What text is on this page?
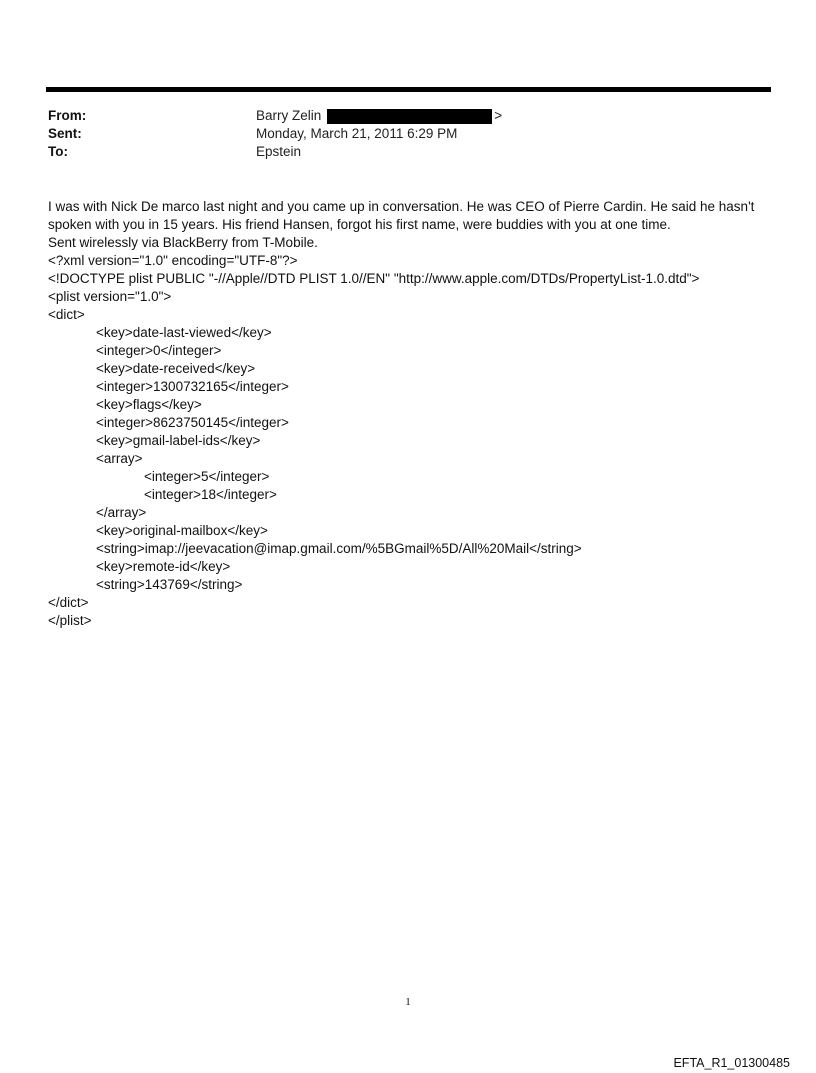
From:	Barry Zelin	>
Sent:	Monday, March 21, 2011 6:29 PM
To:	Epstein
I was with Nick De marco last night and you came up in conversation. He was CEO of Pierre Cardin. He said he hasn't
spoken with you in 15 years. His friend Hansen, forgot his first name, were buddies with you at one time.
Sent wirelessly via BlackBerry from T-Mobile.
<?xml version="1.0" encoding="UTF-8"?>
<!DOCTYPE plist PUBLIC "-//Apple//DTD PLIST 1.0//EN" "http://www.apple.com/DTDs/PropertyList-1.0.dtd">
<plist version="1.0">
<dict>
<key>date-last-viewed</key>
<integer>0</integer>
<key>date-received</key>
<integer>1300732165</integer>
<key>flags</key>
<integer>8623750145</integer>
<key>gmail-label-ids</key>
<array>
<integer>5</integer>
<integer>18</integer>
</array>
<key>original-mailbox</key>
<string>imap://jeevacation@imap.gmail.com/%5BGmail%5D/All%20Mail</string>
<key>remote-id</key>
<string>143769</string>
</dict>
</plist>
1
EFTA_R1_01300485
